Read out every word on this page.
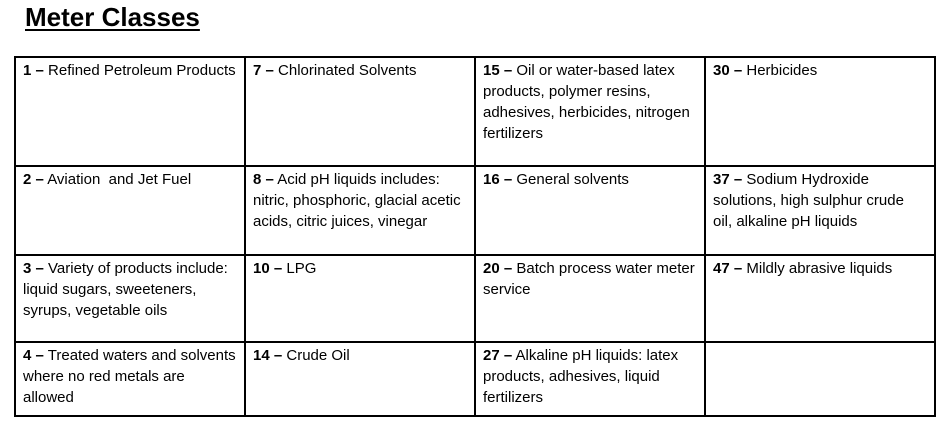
Meter Classes
1 – Refined Petroleum Products	7 – Chlorinated Solvents	15 – Oil or water-based latex products, polymer resins, adhesives, herbicides, nitrogen fertilizers	30 – Herbicides
2 – Aviation  and Jet Fuel	8 – Acid pH liquids includes: nitric, phosphoric, glacial acetic acids, citric juices, vinegar	16 – General solvents	37 – Sodium Hydroxide solutions, high sulphur crude oil, alkaline pH liquids
3 – Variety of products include: liquid sugars, sweeteners, syrups, vegetable oils	10 – LPG	20 – Batch process water meter service	47 – Mildly abrasive liquids
4 – Treated waters and solvents where no red metals are  allowed	14 – Crude Oil	27 – Alkaline pH liquids: latex products, adhesives, liquid fertilizers	
